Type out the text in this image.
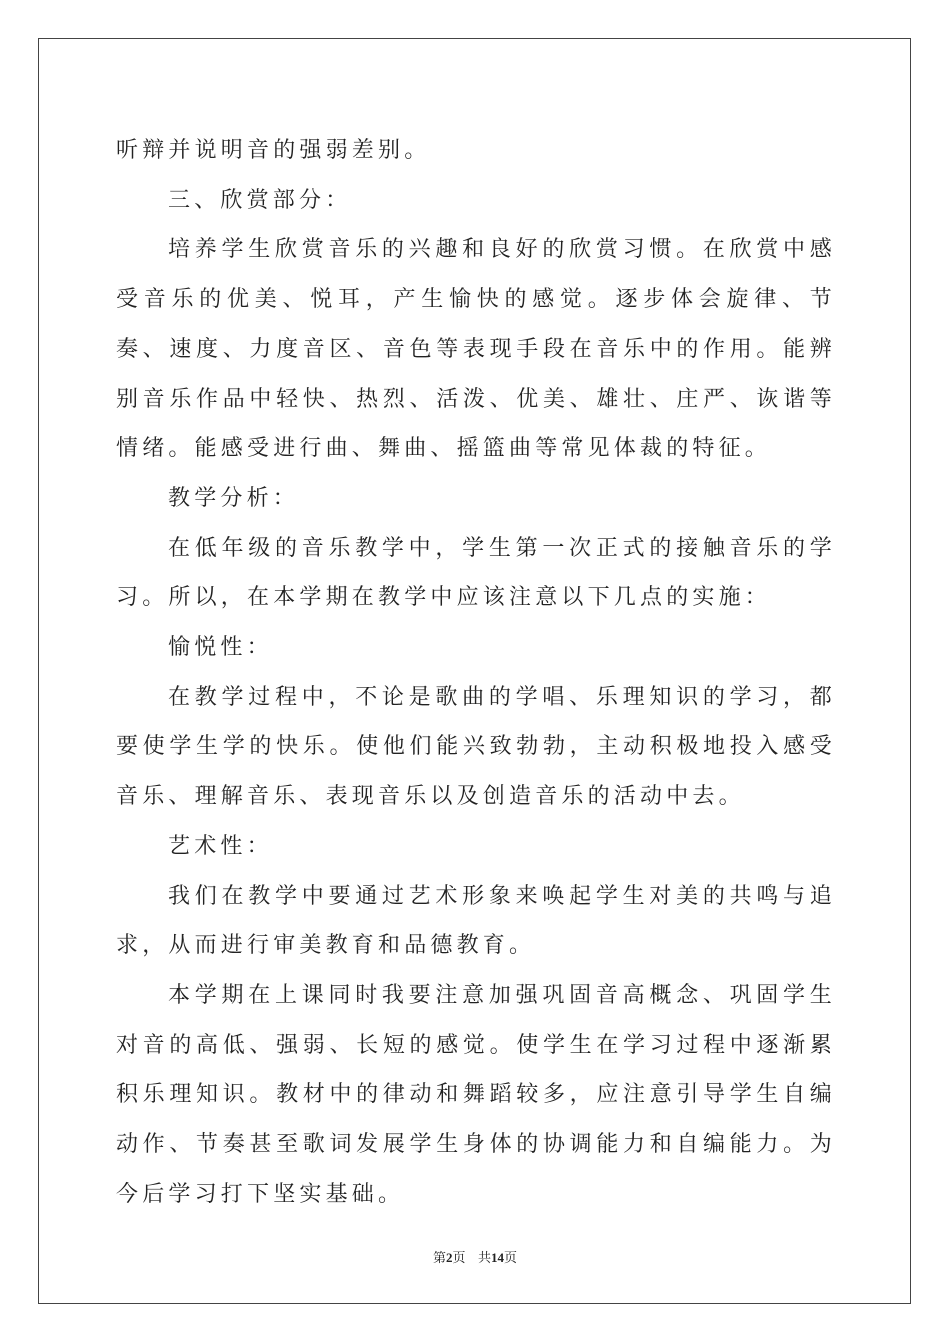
听辩并说明音的强弱差别。

三、欣赏部分：

培养学生欣赏音乐的兴趣和良好的欣赏习惯。在欣赏中感受音乐的优美、悦耳，产生愉快的感觉。逐步体会旋律、节奏、速度、力度音区、音色等表现手段在音乐中的作用。能辨别音乐作品中轻快、热烈、活泼、优美、雄壮、庄严、诙谐等情绪。能感受进行曲、舞曲、摇篮曲等常见体裁的特征。

教学分析：

在低年级的音乐教学中，学生第一次正式的接触音乐的学习。所以，在本学期在教学中应该注意以下几点的实施：

愉悦性：

在教学过程中，不论是歌曲的学唱、乐理知识的学习，都要使学生学的快乐。使他们能兴致勃勃，主动积极地投入感受音乐、理解音乐、表现音乐以及创造音乐的活动中去。

艺术性：

我们在教学中要通过艺术形象来唤起学生对美的共鸣与追求，从而进行审美教育和品德教育。

本学期在上课同时我要注意加强巩固音高概念、巩固学生对音的高低、强弱、长短的感觉。使学生在学习过程中逐渐累积乐理知识。教材中的律动和舞蹈较多，应注意引导学生自编动作、节奏甚至歌词发展学生身体的协调能力和自编能力。为今后学习打下坚实基础。

第2页 共14页
